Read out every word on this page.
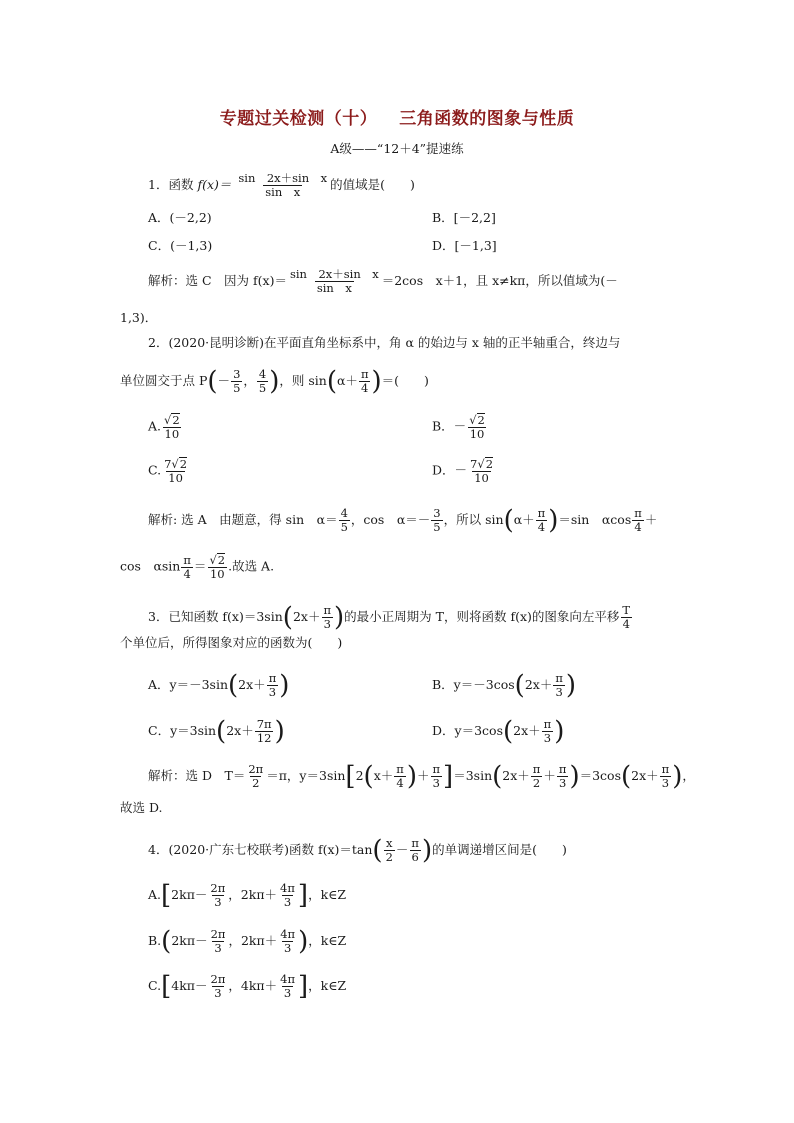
专题过关检测（十） 三角函数的图象与性质
A级——“12＋4”提速练
1．函数 $f(x)= \frac{\text{sin　2x＋sin　x}}{\text{sin　x}}$ 的值域是(　　)
A．(－2,2)	B．[－2,2]
C．(－1,3)	D．[－1,3]
解析：选 C　因为 $f(x)= \frac{\text{sin　2x＋sin　x}}{\text{sin　x}} =2\cos$　x＋1，且 x≠kπ，所以值域为(－
1,3)．
2．(2020·昆明诊断)在平面直角坐标系中，角 α 的始边与 x 轴的正半轴重合，终边与
单位圆交于点 $P(- \frac{3}{5}$ ， $\frac{4}{5}$ )，则 $\sin(\alpha+ \frac{\pi}{4}$ )＝(　　)
A. $\frac{√2}{10}$	B．－ $\frac{√2}{10}$
C. $\frac{7√2}{10}$	D．－ $\frac{7√2}{10}$
解析: 选 A　由题意，得 sin　$\alpha= \frac{4}{5}$ ，cos　$\alpha=- \frac{3}{5}$ ，所以 $\sin(\alpha+ \frac{\pi}{4} )=\sin$　αcos $\frac{\pi}{4}$ ＋
cos　αsin $\frac{\pi}{4} = \frac{√2}{10}$ .故选 A.
3．已知函数 $f(x)=3\sin(2x+ \frac{\pi}{3}$ )的最小正周期为 T，则将函数 f(x)的图象向左平移 $\frac{T}{4}$
个单位后，所得图象对应的函数为(　　)
A．$y=-3\sin(2x+ \frac{\pi}{3}$ )	B．$y=-3\cos(2x+ \frac{\pi}{3}$ )
C．$y=3\sin(2x+ \frac{7\pi}{12}$ )	D．$y=3\cos(2x+ \frac{\pi}{3}$ )
解析：选 D　$T= \frac{2\pi}{2} =\pi$，$y=3\sin[2(x+ \frac{\pi}{4}$ )＋ $\frac{\pi}{3} ]=3\sin(2x+ \frac{\pi}{2} + \frac{\pi}{3} )=3\cos(2x+ \frac{\pi}{3}$ )，
故选 D.
4．(2020·广东七校联考)函数 $f(x)=\tan( \frac{x}{2} - \frac{\pi}{6}$ )的单调递增区间是(　　)
$A.[2k\pi- \frac{2\pi}{3}$ ，$2k\pi+ \frac{4\pi}{3}$ ]，k∈Z
$B.(2k\pi- \frac{2\pi}{3}$ ，$2k\pi+ \frac{4\pi}{3}$ )，k∈Z
$C.[4k\pi- \frac{2\pi}{3}$ ，$4k\pi+ \frac{4\pi}{3}$ ]，k∈Z
